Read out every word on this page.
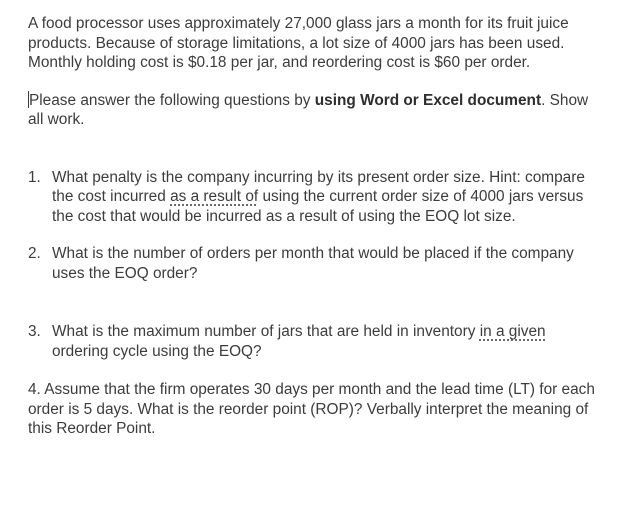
A food processor uses approximately 27,000 glass jars a month for its fruit juice products. Because of storage limitations, a lot size of 4000 jars has been used. Monthly holding cost is $0.18 per jar, and reordering cost is $60 per order.

Please answer the following questions by using Word or Excel document. Show all work.

1. What penalty is the company incurring by its present order size. Hint: compare the cost incurred as a result of using the current order size of 4000 jars versus the cost that would be incurred as a result of using the EOQ lot size.
2. What is the number of orders per month that would be placed if the company uses the EOQ order?
3. What is the maximum number of jars that are held in inventory in a given ordering cycle using the EOQ?

4. Assume that the firm operates 30 days per month and the lead time (LT) for each order is 5 days. What is the reorder point (ROP)? Verbally interpret the meaning of this Reorder Point.
